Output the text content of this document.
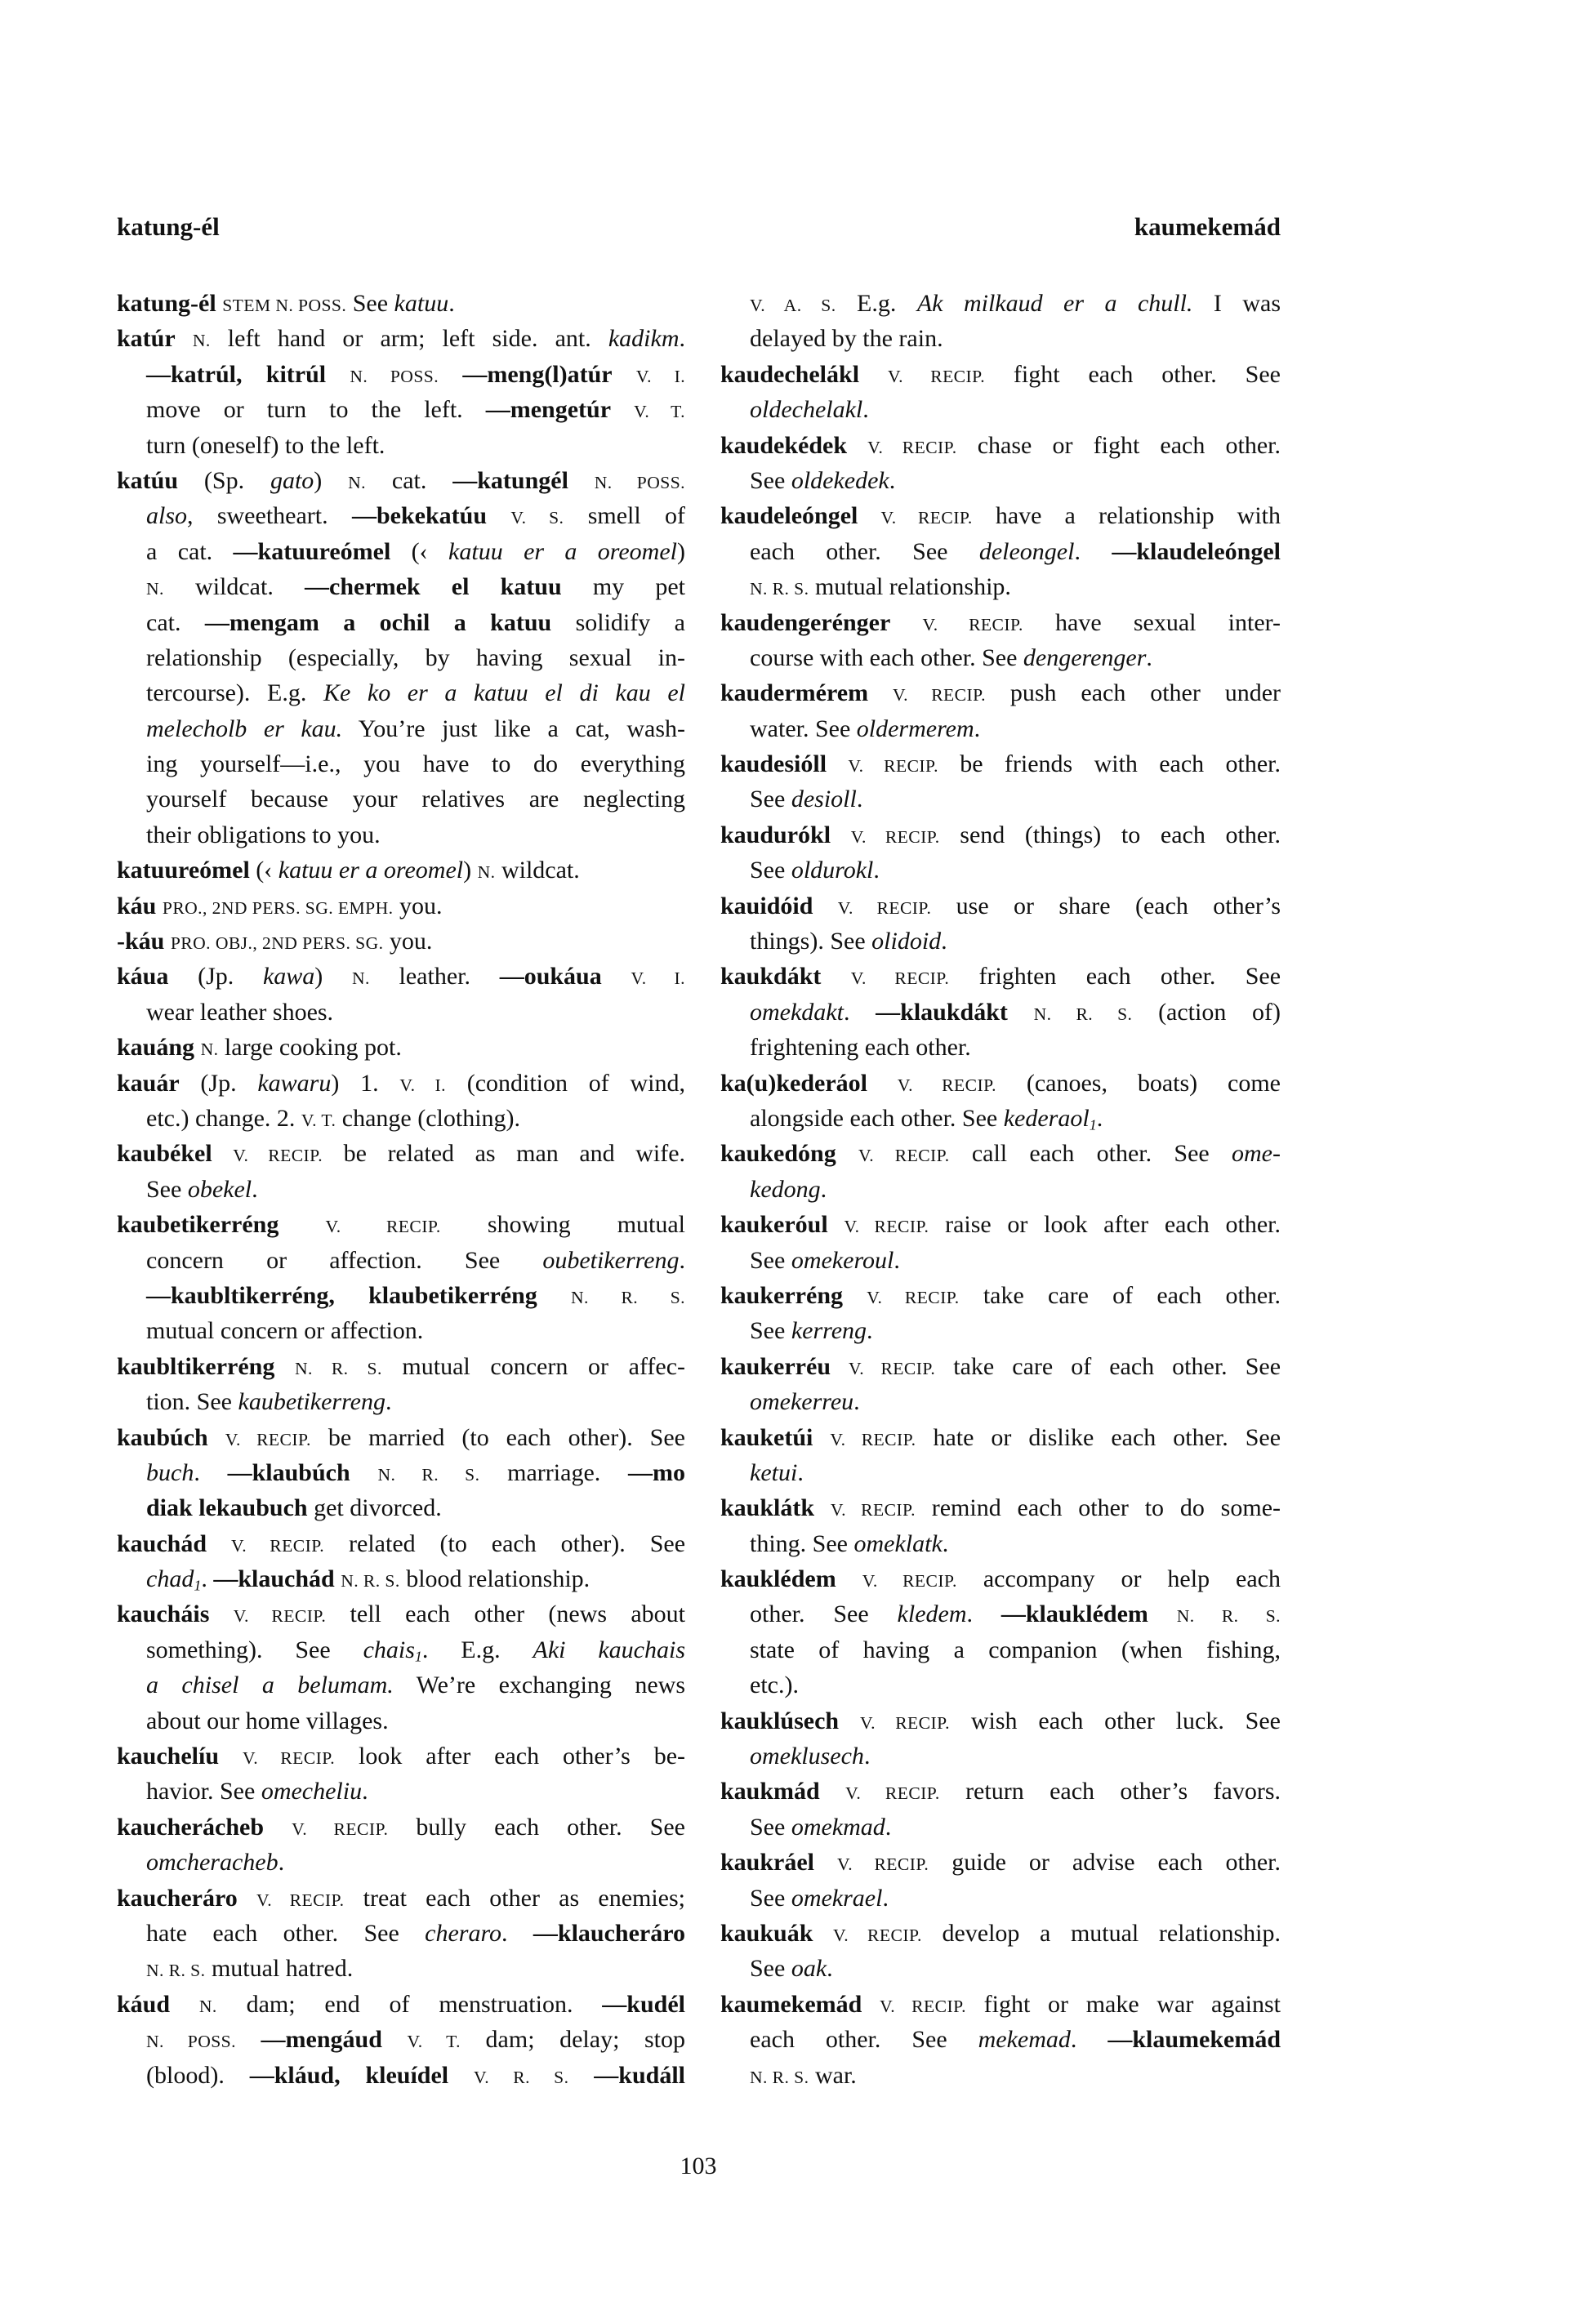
katung-él	kaumekemád
katung-él STEM N. POSS. See katuu.
katúr N. left hand or arm; left side. ant. kadikm.
—katrúl, kitrúl N. POSS. —meng(l)atúr V. I.
move or turn to the left. —mengetúr V. T.
turn (oneself) to the left.
katúu (Sp. gato) N. cat. —katungél N. POSS.
also, sweetheart. —bekekatúu V. S. smell of
a cat. —katuureómel (‹ katuu er a oreomel)
N. wildcat. —chermek el katuu my pet
cat. —mengam a ochil a katuu solidify a
relationship (especially, by having sexual in-
tercourse). E.g. Ke ko er a katuu el di kau el
melecholb er kau. You’re just like a cat, wash-
ing yourself—i.e., you have to do everything
yourself because your relatives are neglecting
their obligations to you.
katuureómel (‹ katuu er a oreomel) N. wildcat.
káu PRO., 2ND PERS. SG. EMPH. you.
-káu PRO. OBJ., 2ND PERS. SG. you.
káua (Jp. kawa) N. leather. —oukáua V. I.
wear leather shoes.
kauáng N. large cooking pot.
kauár (Jp. kawaru) 1. V. I. (condition of wind,
etc.) change. 2. V. T. change (clothing).
kaubékel V. RECIP. be related as man and wife.
See obekel.
kaubetikerréng	V. RECIP. showing mutual
concern or affection. See oubetikerreng.
—kaubltikerréng, klaubetikerréng N. R. S.
mutual concern or affection.
kaubltikerréng N. R. S. mutual concern or affec-
tion. See kaubetikerreng.
kaubúch V. RECIP. be married (to each other). See
buch. —klaubúch N. R. S. marriage. —mo
diak lekaubuch get divorced.
kauchád V. RECIP. related (to each other). See
chad1. —klauchád N. R. S. blood relationship.
kaucháis V. RECIP. tell each other (news about
something). See chais1. E.g. Aki kauchais
a chisel a belumam. We’re exchanging news
about our home villages.
kauchelíu V. RECIP. look after each other’s be-
havior. See omecheliu.
kaucherácheb V. RECIP. bully each other. See
omcheracheb.
kaucheráro V. RECIP. treat each other as enemies;
hate each other. See cheraro. —klaucheráro
N. R. S. mutual hatred.
káud N. dam; end of menstruation. —kudél
N. POSS. —mengáud V. T. dam; delay; stop
(blood). —kláud, kleuídel V. R. S. —kudáll
V. A. S. E.g. Ak milkaud er a chull. I was
delayed by the rain.
kaudechelákl V. RECIP. fight each other. See
oldechelakl.
kaudekédek V. RECIP. chase or fight each other.
See oldekedek.
kaudeleóngel V. RECIP. have a relationship with
each other. See deleongel. —klaudeleóngel
N. R. S. mutual relationship.
kaudengerénger V. RECIP. have sexual inter-
course with each other. See dengerenger.
kaudermérem V. RECIP. push each other under
water. See oldermerem.
kaudesióll V. RECIP. be friends with each other.
See desioll.
kaudurókl V. RECIP. send (things) to each other.
See oldurokl.
kauidóid V. RECIP. use or share (each other’s
things). See olidoid.
kaukdákt V. RECIP. frighten each other. See
omekdakt. —klaukdákt N. R. S. (action of)
frightening each other.
ka(u)kederáol V. RECIP. (canoes, boats) come
alongside each other. See kederaol1.
kaukedóng V. RECIP. call each other. See ome-
kedong.
kaukeróul V. RECIP. raise or look after each other.
See omekeroul.
kaukerréng V. RECIP. take care of each other.
See kerreng.
kaukerréu V. RECIP. take care of each other. See
omekerreu.
kauketúi V. RECIP. hate or dislike each other. See
ketui.
kauklátk V. RECIP. remind each other to do some-
thing. See omeklatk.
kauklédem V. RECIP. accompany or help each
other. See kledem. —klauklédem N. R. S.
state of having a companion (when fishing,
etc.).
kauklúsech V. RECIP. wish each other luck. See
omeklusech.
kaukmád V. RECIP. return each other’s favors.
See omekmad.
kaukráel V. RECIP. guide or advise each other.
See omekrael.
kaukuák V. RECIP. develop a mutual relationship.
See oak.
kaumekemád V. RECIP. fight or make war against
each other. See mekemad. —klaumekemád
N. R. S. war.
103
